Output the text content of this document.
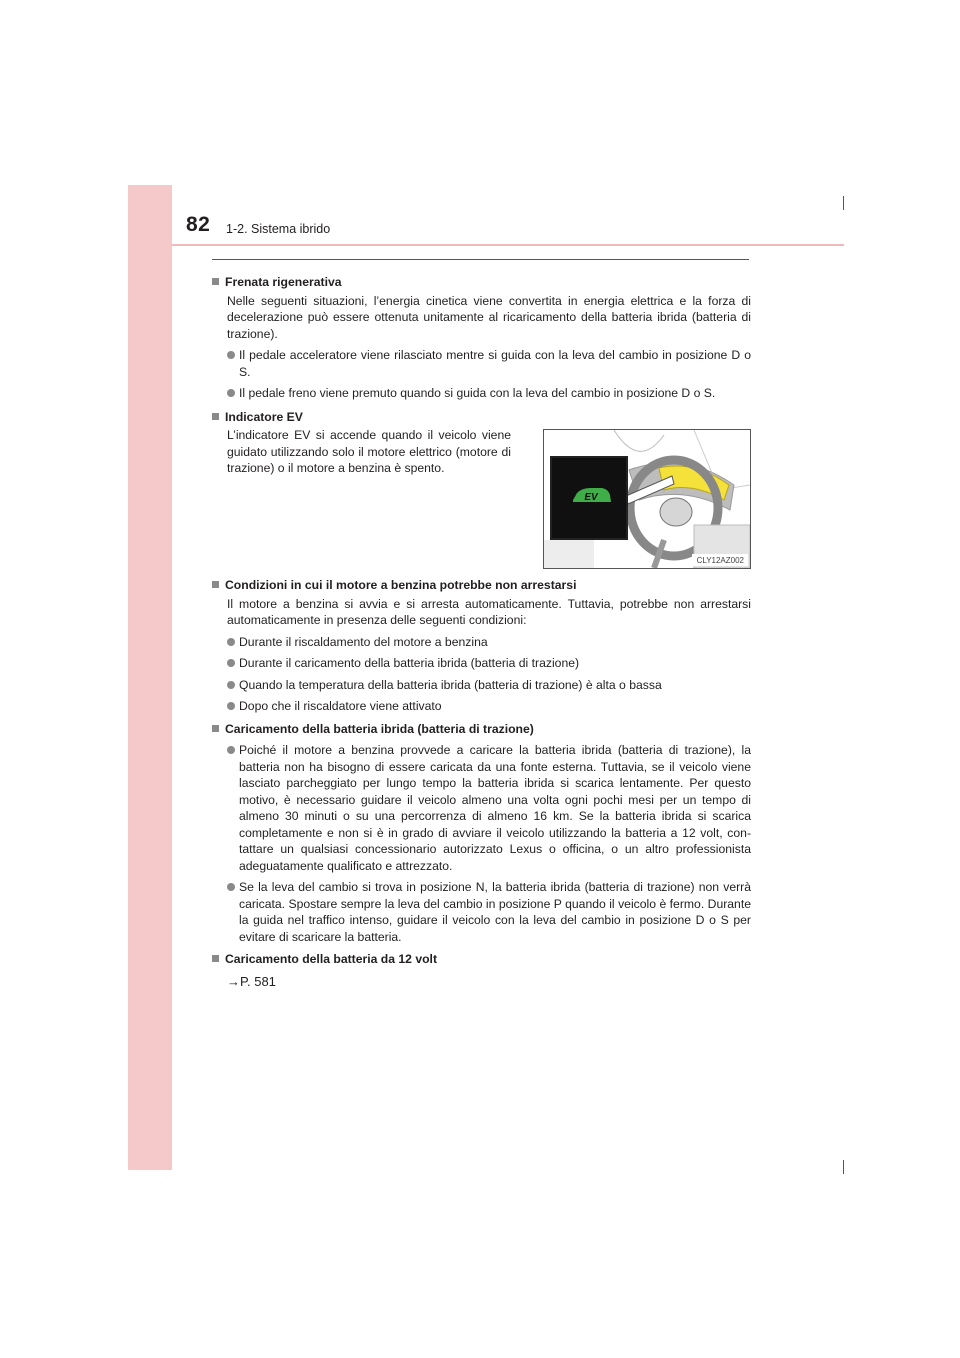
82 1-2. Sistema ibrido
Frenata rigenerativa
Nelle seguenti situazioni, l’energia cinetica viene convertita in energia elettrica e la forza di decelerazione può essere ottenuta unitamente al ricaricamento della batteria ibrida (batteria di trazione).
Il pedale acceleratore viene rilasciato mentre si guida con la leva del cambio in posizione D o S.
Il pedale freno viene premuto quando si guida con la leva del cambio in posizione D o S.
Indicatore EV
L’indicatore EV si accende quando il veicolo viene guidato utilizzando solo il motore elettrico (motore di trazione) o il motore a benzina è spento.
EV
CLY12AZ002
Condizioni in cui il motore a benzina potrebbe non arrestarsi
Il motore a benzina si avvia e si arresta automaticamente. Tuttavia, potrebbe non arrestarsi automaticamente in presenza delle seguenti condizioni:
Durante il riscaldamento del motore a benzina
Durante il caricamento della batteria ibrida (batteria di trazione)
Quando la temperatura della batteria ibrida (batteria di trazione) è alta o bassa
Dopo che il riscaldatore viene attivato
Caricamento della batteria ibrida (batteria di trazione)
Poiché il motore a benzina provvede a caricare la batteria ibrida (batteria di trazione), la batteria non ha bisogno di essere caricata da una fonte esterna. Tuttavia, se il veicolo viene lasciato parcheggiato per lungo tempo la batteria ibrida si scarica lentamente. Per questo motivo, è necessario guidare il veicolo almeno una volta ogni pochi mesi per un tempo di almeno 30 minuti o su una percorrenza di almeno 16 km. Se la batteria ibrida si scarica completamente e non si è in grado di avviare il veicolo utilizzando la batteria a 12 volt, con-tattare un qualsiasi concessionario autorizzato Lexus o officina, o un altro professionista adeguatamente qualificato e attrezzato.
Se la leva del cambio si trova in posizione N, la batteria ibrida (batteria di trazione) non verrà caricata. Spostare sempre la leva del cambio in posizione P quando il veicolo è fermo. Durante la guida nel traffico intenso, guidare il veicolo con la leva del cambio in posizione D o S per evitare di scaricare la batteria.
Caricamento della batteria da 12 volt
→P. 581
